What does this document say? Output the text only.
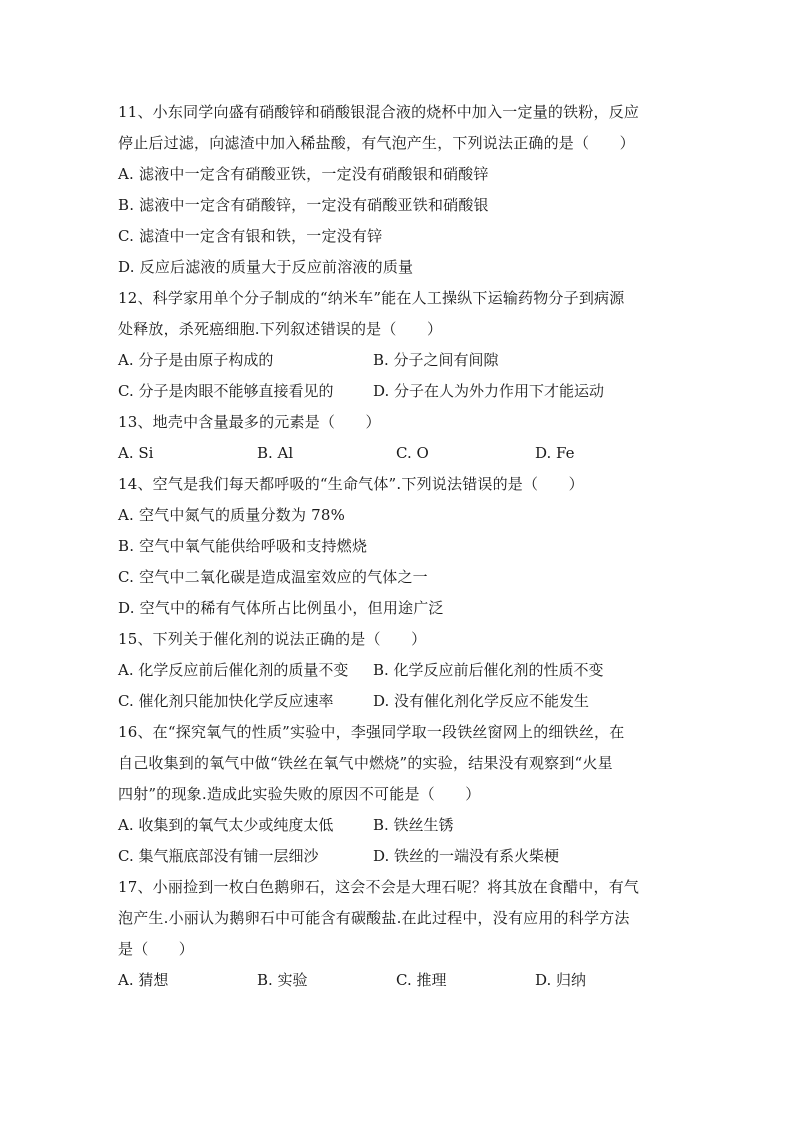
11、小东同学向盛有硝酸锌和硝酸银混合液的烧杯中加入一定量的铁粉，反应
停止后过滤，向滤渣中加入稀盐酸，有气泡产生，下列说法正确的是（　　）
A. 滤液中一定含有硝酸亚铁，一定没有硝酸银和硝酸锌
B. 滤液中一定含有硝酸锌，一定没有硝酸亚铁和硝酸银
C. 滤渣中一定含有银和铁，一定没有锌
D. 反应后滤液的质量大于反应前溶液的质量
12、科学家用单个分子制成的“纳米车”能在人工操纵下运输药物分子到病源
处释放，杀死癌细胞.下列叙述错误的是（　　）
A. 分子是由原子构成的	B. 分子之间有间隙
C. 分子是肉眼不能够直接看见的	D. 分子在人为外力作用下才能运动
13、地壳中含量最多的元素是（　　）
A. Si	B. Al	C. O	D. Fe
14、空气是我们每天都呼吸的“生命气体”.下列说法错误的是（　　）
A. 空气中氮气的质量分数为 78%
B. 空气中氧气能供给呼吸和支持燃烧
C. 空气中二氧化碳是造成温室效应的气体之一
D. 空气中的稀有气体所占比例虽小，但用途广泛
15、下列关于催化剂的说法正确的是（　　）
A. 化学反应前后催化剂的质量不变	B. 化学反应前后催化剂的性质不变
C. 催化剂只能加快化学反应速率	D. 没有催化剂化学反应不能发生
16、在“探究氧气的性质”实验中，李强同学取一段铁丝窗网上的细铁丝，在
自己收集到的氧气中做“铁丝在氧气中燃烧”的实验，结果没有观察到“火星
四射”的现象.造成此实验失败的原因不可能是（　　）
A. 收集到的氧气太少或纯度太低	B. 铁丝生锈
C. 集气瓶底部没有铺一层细沙	D. 铁丝的一端没有系火柴梗
17、小丽捡到一枚白色鹅卵石，这会不会是大理石呢？将其放在食醋中，有气
泡产生.小丽认为鹅卵石中可能含有碳酸盐.在此过程中，没有应用的科学方法
是（　　）
A. 猜想	B. 实验	C. 推理	D. 归纳
